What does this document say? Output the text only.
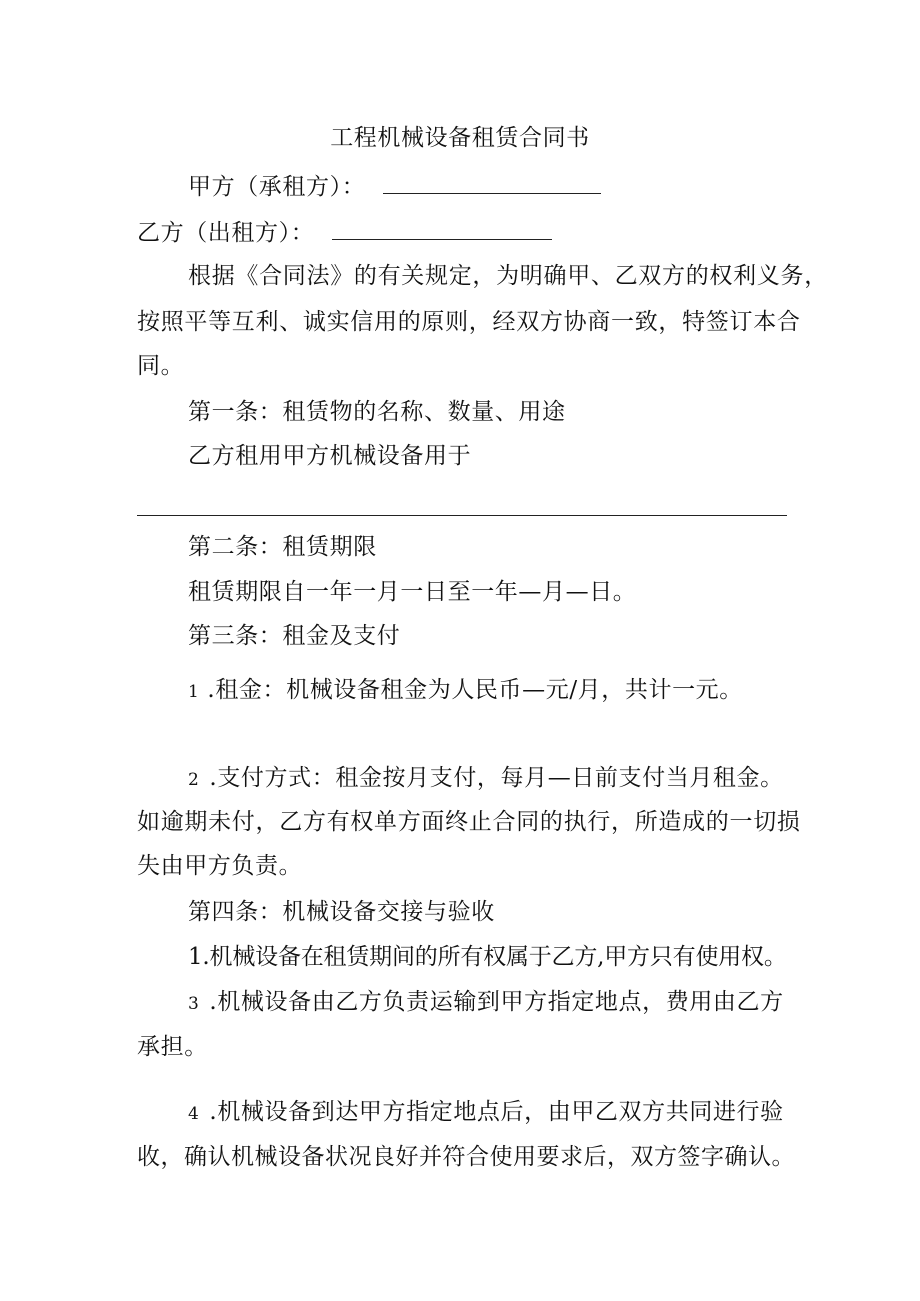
工程机械设备租赁合同书
甲方（承租方）：
乙方（出租方）：
根据《合同法》的有关规定，为明确甲、乙双方的权利义务，
按照平等互利、诚实信用的原则，经双方协商一致，特签订本合
同。
第一条：租赁物的名称、数量、用途
乙方租用甲方机械设备用于
第二条：租赁期限
租赁期限自一年一月一日至一年—月—日。
第三条：租金及支付
1 .租金：机械设备租金为人民币—元/月，共计一元。
2 .支付方式：租金按月支付，每月—日前支付当月租金。
如逾期未付，乙方有权单方面终止合同的执行，所造成的一切损
失由甲方负责。
第四条：机械设备交接与验收
1.机械设备在租赁期间的所有权属于乙方,甲方只有使用权。
3 .机械设备由乙方负责运输到甲方指定地点，费用由乙方
承担。
4 .机械设备到达甲方指定地点后，由甲乙双方共同进行验
收，确认机械设备状况良好并符合使用要求后，双方签字确认。
